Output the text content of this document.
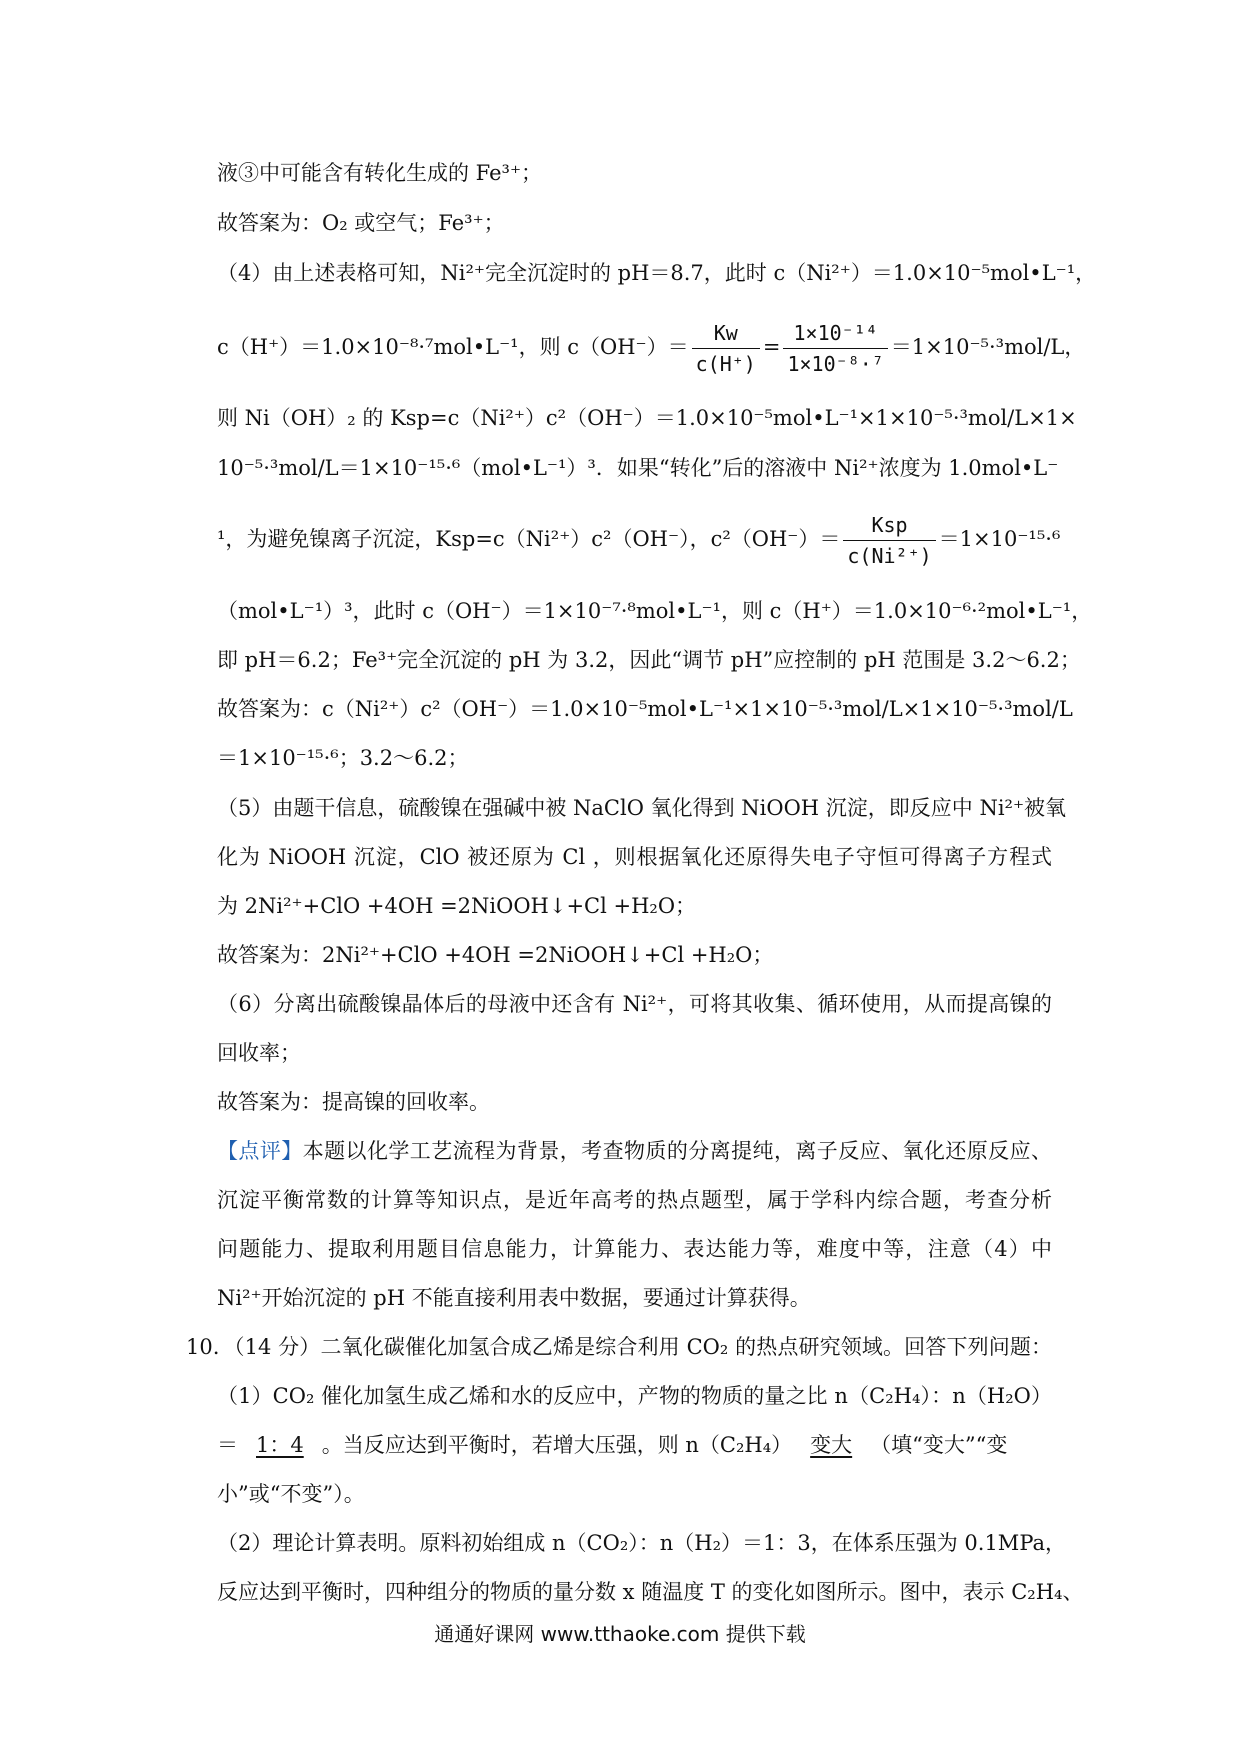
液③中可能含有转化生成的 Fe³⁺；
故答案为：O₂ 或空气；Fe³⁺；
（4）由上述表格可知，Ni²⁺完全沉淀时的 pH＝8.7，此时 c（Ni²⁺）＝1.0×10⁻⁵mol•L⁻¹，
c（H⁺）＝1.0×10⁻⁸·⁷mol•L⁻¹，则 $c(OH^-)= \frac{Kw}{c(H^+)} = \frac{\text{1×10⁻¹⁴}}{\text{1×10⁻⁸·⁷}} =1\times 10^{-5}\cdot^3mol/L$，
则 Ni（OH）₂ 的 Ksp=c（Ni²⁺）c²（OH⁻）＝1.0×10⁻⁵mol•L⁻¹×1×10⁻⁵·³mol/L×1×
10⁻⁵·³mol/L＝1×10⁻¹⁵·⁶（mol•L⁻¹）³．如果“转化”后的溶液中 Ni²⁺浓度为 1.0mol•L⁻
¹，为避免镍离子沉淀，Ksp=c（Ni²⁺）c²（OH⁻），$c^2(OH^-)= \frac{\text{Ksp}}{\text{c(Ni²⁺)}} =1\times 10^{-15}\cdot^6$
（mol•L⁻¹）³，此时 c（OH⁻）＝1×10⁻⁷·⁸mol•L⁻¹，则 c（H⁺）＝1.0×10⁻⁶·²mol•L⁻¹，
即 pH＝6.2；Fe³⁺完全沉淀的 pH 为 3.2，因此“调节 pH”应控制的 pH 范围是 3.2～6.2；
故答案为：c（Ni²⁺）c²（OH⁻）＝1.0×10⁻⁵mol•L⁻¹×1×10⁻⁵·³mol/L×1×10⁻⁵·³mol/L
＝1×10⁻¹⁵·⁶；3.2～6.2；
（5）由题干信息，硫酸镍在强碱中被 NaClO 氧化得到 NiOOH 沉淀，即反应中 Ni²⁺被氧
化为 NiOOH 沉淀，ClO 被还原为 Cl ，则根据氧化还原得失电子守恒可得离子方程式
为 2Ni²⁺+ClO +4OH =2NiOOH↓+Cl +H₂O；
故答案为：2Ni²⁺+ClO +4OH =2NiOOH↓+Cl +H₂O；
（6）分离出硫酸镍晶体后的母液中还含有 Ni²⁺，可将其收集、循环使用，从而提高镍的
回收率；
故答案为：提高镍的回收率。
【点评】本题以化学工艺流程为背景，考查物质的分离提纯，离子反应、氧化还原反应、
沉淀平衡常数的计算等知识点，是近年高考的热点题型，属于学科内综合题，考查分析
问题能力、提取利用题目信息能力，计算能力、表达能力等，难度中等，注意（4）中
Ni²⁺开始沉淀的 pH 不能直接利用表中数据，要通过计算获得。
10．（14 分）二氧化碳催化加氢合成乙烯是综合利用 CO₂ 的热点研究领域。回答下列问题：
（1）CO₂ 催化加氢生成乙烯和水的反应中，产物的物质的量之比 n（C₂H₄）：n（H₂O）
＝ 1：4 。当反应达到平衡时，若增大压强，则 n（C₂H₄） 变大 （填“变大”“变
小”或“不变”）。
（2）理论计算表明。原料初始组成 n（CO₂）：n（H₂）＝1：3，在体系压强为 0.1MPa，
反应达到平衡时，四种组分的物质的量分数 x 随温度 T 的变化如图所示。图中，表示 C₂H₄、
通通好课网 www.tthaoke.com 提供下载
